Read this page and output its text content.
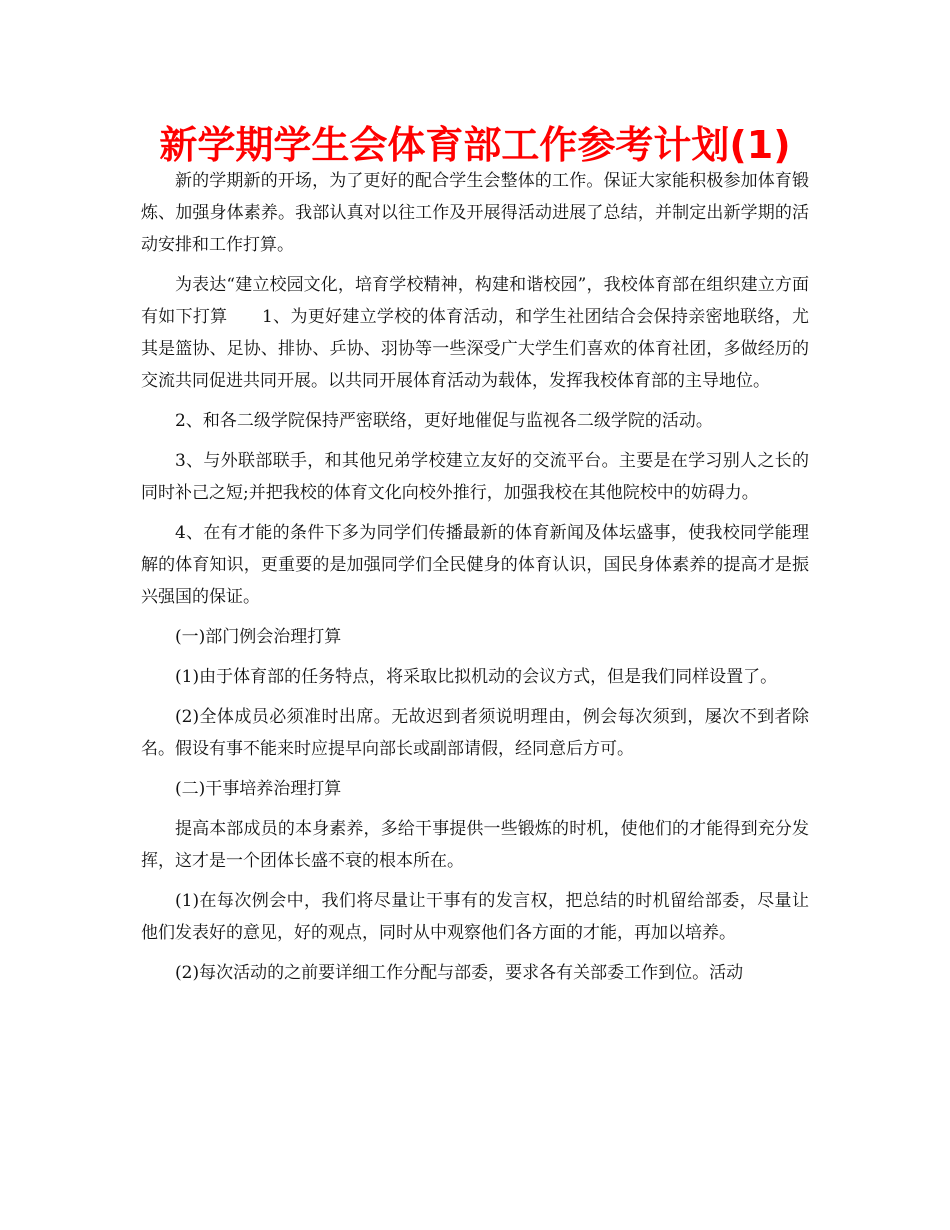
新学期学生会体育部工作参考计划(1)

新的学期新的开场，为了更好的配合学生会整体的工作。保证大家能积极参加体育锻炼、加强身体素养。我部认真对以往工作及开展得活动进展了总结，并制定出新学期的活动安排和工作打算。

为表达“建立校园文化，培育学校精神，构建和谐校园”，我校体育部在组织建立方面有如下打算　　1、为更好建立学校的体育活动，和学生社团结合会保持亲密地联络，尤其是篮协、足协、排协、乒协、羽协等一些深受广大学生们喜欢的体育社团，多做经历的交流共同促进共同开展。以共同开展体育活动为载体，发挥我校体育部的主导地位。

2、和各二级学院保持严密联络，更好地催促与监视各二级学院的活动。

3、与外联部联手，和其他兄弟学校建立友好的交流平台。主要是在学习别人之长的同时补己之短;并把我校的体育文化向校外推行，加强我校在其他院校中的妨碍力。

4、在有才能的条件下多为同学们传播最新的体育新闻及体坛盛事，使我校同学能理解的体育知识，更重要的是加强同学们全民健身的体育认识，国民身体素养的提高才是振兴强国的保证。

(一)部门例会治理打算

(1)由于体育部的任务特点，将采取比拟机动的会议方式，但是我们同样设置了。

(2)全体成员必须准时出席。无故迟到者须说明理由，例会每次须到，屡次不到者除名。假设有事不能来时应提早向部长或副部请假，经同意后方可。

(二)干事培养治理打算

提高本部成员的本身素养，多给干事提供一些锻炼的时机，使他们的才能得到充分发挥，这才是一个团体长盛不衰的根本所在。

(1)在每次例会中，我们将尽量让干事有的发言权，把总结的时机留给部委，尽量让他们发表好的意见，好的观点，同时从中观察他们各方面的才能，再加以培养。

(2)每次活动的之前要详细工作分配与部委，要求各有关部委工作到位。活动
